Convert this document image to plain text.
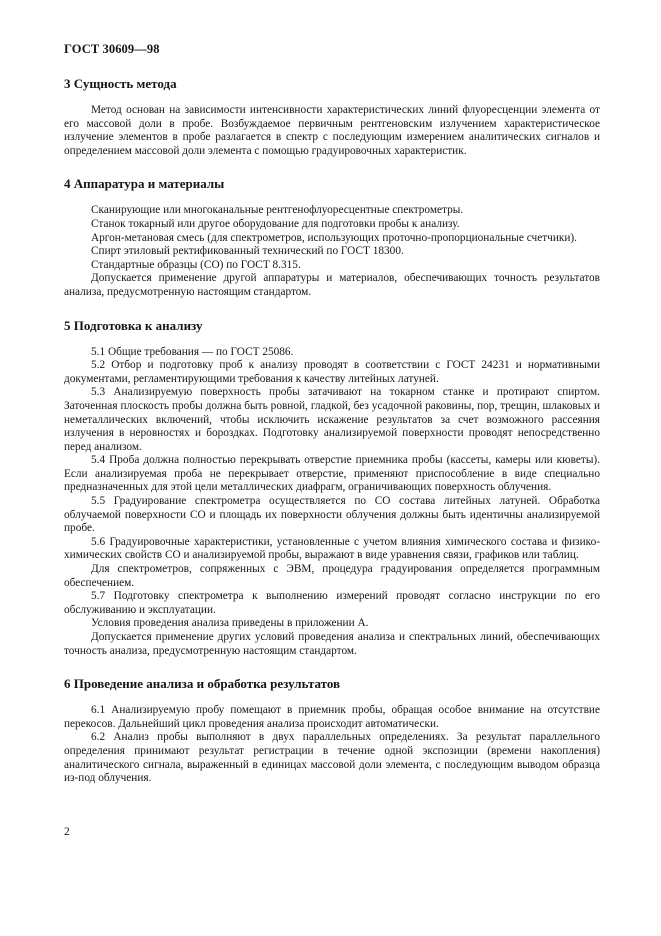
ГОСТ 30609—98
3 Сущность метода

Метод основан на зависимости интенсивности характеристических линий флуоресценции элемента от его массовой доли в пробе. Возбуждаемое первичным рентгеновским излучением характеристическое излучение элементов в пробе разлагается в спектр с последующим измерением аналитических сигналов и определением массовой доли элемента с помощью градуировочных характеристик.

4 Аппаратура и материалы

Сканирующие или многоканальные рентгенофлуоресцентные спектрометры.

Станок токарный или другое оборудование для подготовки пробы к анализу.

Аргон-метановая смесь (для спектрометров, использующих проточно-пропорциональные счетчики).

Спирт этиловый ректификованный технический по ГОСТ 18300.

Стандартные образцы (СО) по ГОСТ 8.315.

Допускается применение другой аппаратуры и материалов, обеспечивающих точность результатов анализа, предусмотренную настоящим стандартом.

5 Подготовка к анализу

5.1 Общие требования — по ГОСТ 25086.

5.2 Отбор и подготовку проб к анализу проводят в соответствии с ГОСТ 24231 и нормативными документами, регламентирующими требования к качеству литейных латуней.

5.3 Анализируемую поверхность пробы затачивают на токарном станке и протирают спиртом. Заточенная плоскость пробы должна быть ровной, гладкой, без усадочной раковины, пор, трещин, шлаковых и неметаллических включений, чтобы исключить искажение результатов за счет возможного рассеяния излучения в неровностях и бороздках. Подготовку анализируемой поверхности проводят непосредственно перед анализом.

5.4 Проба должна полностью перекрывать отверстие приемника пробы (кассеты, камеры или кюветы). Если анализируемая проба не перекрывает отверстие, применяют приспособление в виде специально предназначенных для этой цели металлических диафрагм, ограничивающих поверхность облучения.

5.5 Градуирование спектрометра осуществляется по СО состава литейных латуней. Обработка облучаемой поверхности СО и площадь их поверхности облучения должны быть идентичны анализируемой пробе.

5.6 Градуировочные характеристики, установленные с учетом влияния химического состава и физико-химических свойств СО и анализируемой пробы, выражают в виде уравнения связи, графиков или таблиц.

Для спектрометров, сопряженных с ЭВМ, процедура градуирования определяется программным обеспечением.

5.7 Подготовку спектрометра к выполнению измерений проводят согласно инструкции по его обслуживанию и эксплуатации.

Условия проведения анализа приведены в приложении А.

Допускается применение других условий проведения анализа и спектральных линий, обеспечивающих точность анализа, предусмотренную настоящим стандартом.

6 Проведение анализа и обработка результатов

6.1 Анализируемую пробу помещают в приемник пробы, обращая особое внимание на отсутствие перекосов. Дальнейший цикл проведения анализа происходит автоматически.

6.2 Анализ пробы выполняют в двух параллельных определениях. За результат параллельного определения принимают результат регистрации в течение одной экспозиции (времени накопления) аналитического сигнала, выраженный в единицах массовой доли элемента, с последующим выводом образца из-под облучения.

2
